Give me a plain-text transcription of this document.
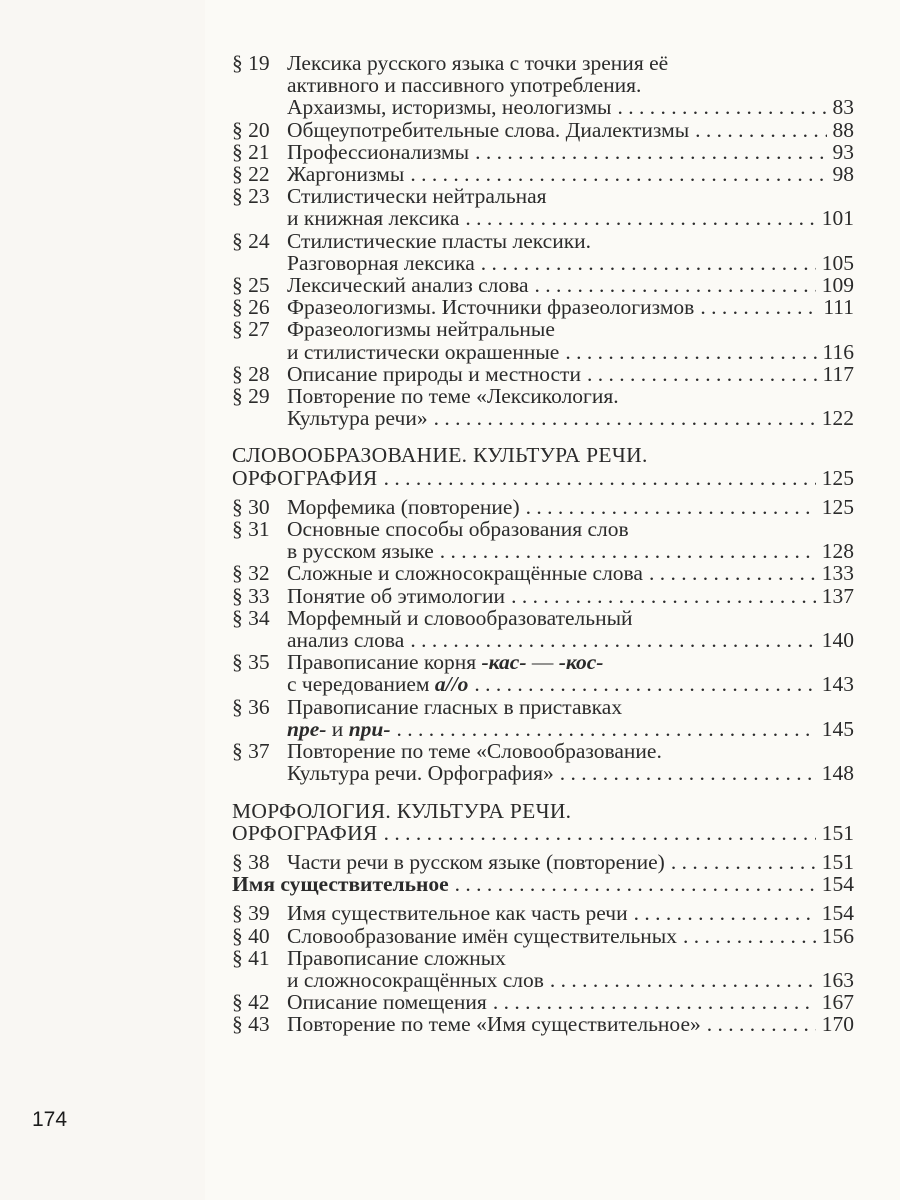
§ 19 Лексика русского языка с точки зрения её
активного и пассивного употребления.
Архаизмы, историзмы, неологизмы . . .	83
§ 20 Общеупотребительные слова. Диалектизмы . . .	88
§ 21 Профессионализмы . . .	93
§ 22 Жаргонизмы . . .	98
§ 23 Стилистически нейтральная
и книжная лексика . . .	101
§ 24 Стилистические пласты лексики.
Разговорная лексика . . .	105
§ 25 Лексический анализ слова . . .	109
§ 26 Фразеологизмы. Источники фразеологизмов . . .	111
§ 27 Фразеологизмы нейтральные
и стилистически окрашенные . . .	116
§ 28 Описание природы и местности . . .	117
§ 29 Повторение по теме «Лексикология.
Культура речи» . . .	122
СЛОВООБРАЗОВАНИЕ. КУЛЬТУРА РЕЧИ.
ОРФОГРАФИЯ . . .	125
§ 30 Морфемика (повторение) . . .	125
§ 31 Основные способы образования слов
в русском языке . . .	128
§ 32 Сложные и сложносокращённые слова . . .	133
§ 33 Понятие об этимологии . . .	137
§ 34 Морфемный и словообразовательный
анализ слова . . .	140
§ 35 Правописание корня -кас- — -кос-
с чередованием а//о . . .	143
§ 36 Правописание гласных в приставках
пре- и при- . . .	145
§ 37 Повторение по теме «Словообразование.
Культура речи. Орфография» . . .	148
МОРФОЛОГИЯ. КУЛЬТУРА РЕЧИ.
ОРФОГРАФИЯ . . .	151
§ 38 Части речи в русском языке (повторение) . . .	151
Имя существительное . . .	154
§ 39 Имя существительное как часть речи . . .	154
§ 40 Словообразование имён существительных . . .	156
§ 41 Правописание сложных
и сложносокращённых слов . . .	163
§ 42 Описание помещения . . .	167
§ 43 Повторение по теме «Имя существительное» . . .	170
174
